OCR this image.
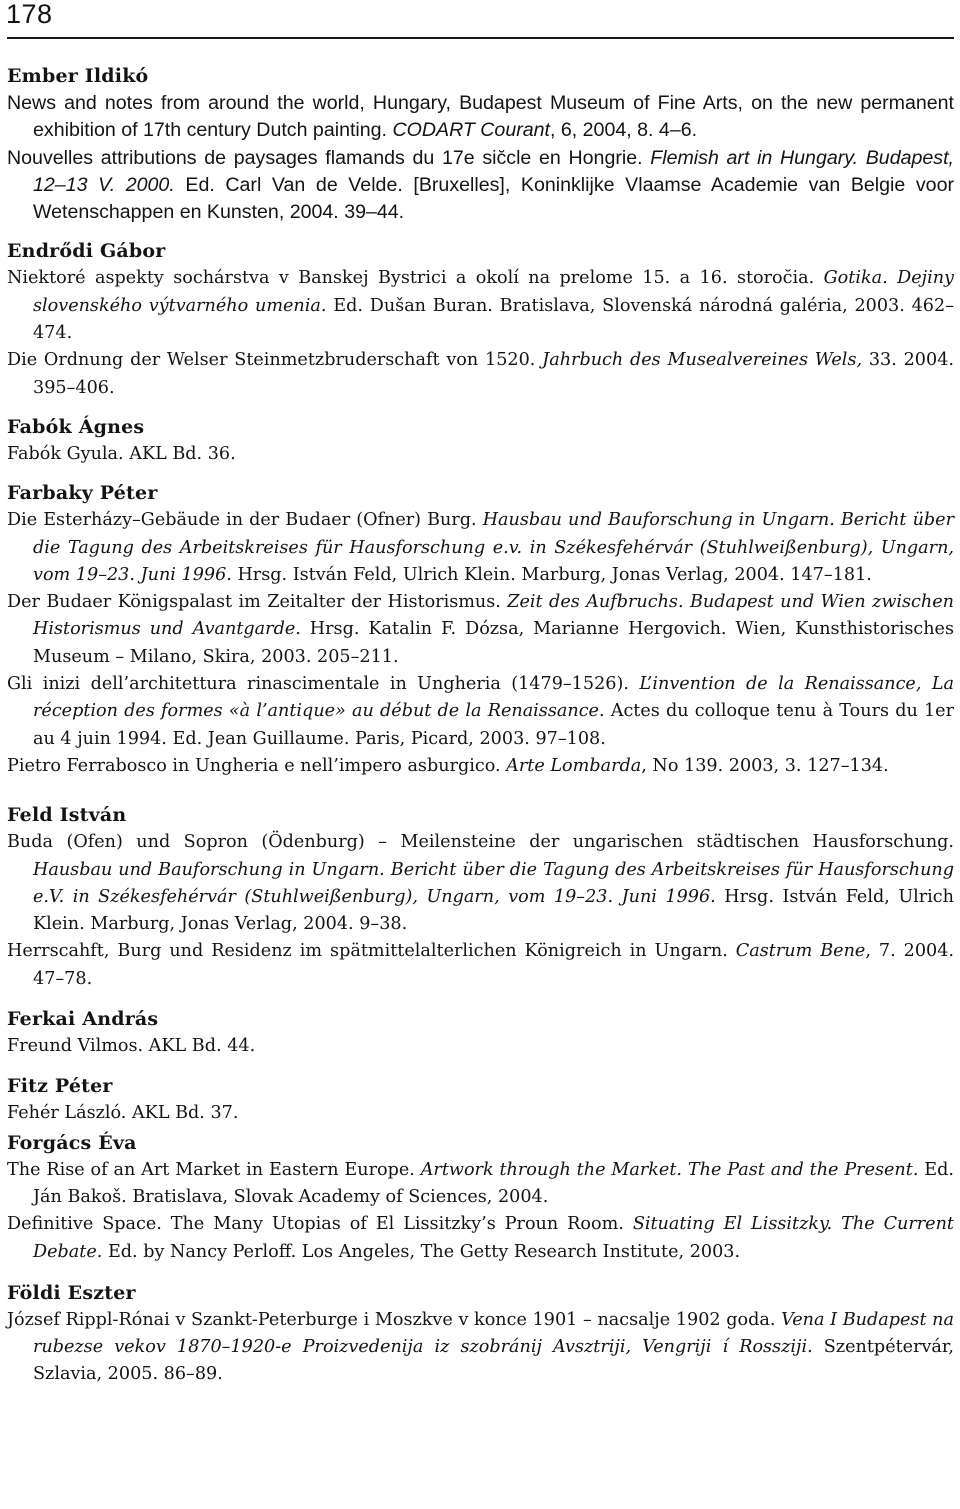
178
Ember Ildikó
News and notes from around the world, Hungary, Budapest Museum of Fine Arts, on the new permanent exhibition of 17th century Dutch painting. CODART Courant, 6, 2004, 8. 4–6.
Nouvelles attributions de paysages flamands du 17e sic̆cle en Hongrie. Flemish art in Hungary. Budapest, 12–13 V. 2000. Ed. Carl Van de Velde. [Bruxelles], Koninklijke Vlaamse Academie van Belgie voor Wetenschappen en Kunsten, 2004. 39–44.
Endrődi Gábor
Niektoré aspekty sochárstva v Banskej Bystrici a okolí na prelome 15. a 16. storoc̆ia. Gotika. Dejiny slovenského výtvarného umenia. Ed. Dušan Buran. Bratislava, Slovenská národná galéria, 2003. 462–474.
Die Ordnung der Welser Steinmetzbruderschaft von 1520. Jahrbuch des Musealvereines Wels, 33. 2004. 395–406.
Fabók Ágnes
Fabók Gyula. AKL Bd. 36.
Farbaky Péter
Die Esterházy–Gebäude in der Budaer (Ofner) Burg. Hausbau und Bauforschung in Ungarn. Bericht über die Tagung des Arbeitskreises für Hausforschung e.v. in Székesfehérvár (Stuhlweißenburg), Ungarn, vom 19–23. Juni 1996. Hrsg. István Feld, Ulrich Klein. Marburg, Jonas Verlag, 2004. 147–181.
Der Budaer Königspalast im Zeitalter der Historismus. Zeit des Aufbruchs. Budapest und Wien zwischen Historismus und Avantgarde. Hrsg. Katalin F. Dózsa, Marianne Hergovich. Wien, Kunsthistorisches Museum – Milano, Skira, 2003. 205–211.
Gli inizi dell’architettura rinascimentale in Ungheria (1479–1526). L’invention de la Renaissance, La réception des formes «à l’antique» au début de la Renaissance. Actes du colloque tenu à Tours du 1er au 4 juin 1994. Ed. Jean Guillaume. Paris, Picard, 2003. 97–108.
Pietro Ferrabosco in Ungheria e nell’impero asburgico. Arte Lombarda, No 139. 2003, 3. 127–134.
Feld István
Buda (Ofen) und Sopron (Ödenburg) – Meilensteine der ungarischen städtischen Hausforschung. Hausbau und Bauforschung in Ungarn. Bericht über die Tagung des Arbeitskreises für Hausforschung e.V. in Székesfehérvár (Stuhlweißenburg), Ungarn, vom 19–23. Juni 1996. Hrsg. István Feld, Ulrich Klein. Marburg, Jonas Verlag, 2004. 9–38.
Herrscahft, Burg und Residenz im spätmittelalterlichen Königreich in Ungarn. Castrum Bene, 7. 2004. 47–78.
Ferkai András
Freund Vilmos. AKL Bd. 44.
Fitz Péter
Fehér László. AKL Bd. 37.
Forgács Éva
The Rise of an Art Market in Eastern Europe. Artwork through the Market. The Past and the Present. Ed. Ján Bakoš. Bratislava, Slovak Academy of Sciences, 2004.
Definitive Space. The Many Utopias of El Lissitzky’s Proun Room. Situating El Lissitzky. The Current Debate. Ed. by Nancy Perloff. Los Angeles, The Getty Research Institute, 2003.
Földi Eszter
József Rippl-Rónai v Szankt-Peterburge i Moszkve v konce 1901 – nacsalje 1902 goda. Vena I Budapest na rubezse vekov 1870–1920-e Proizvedenija iz szobránij Avsztriji, Vengriji í Rossziji. Szentpétervár, Szlavia, 2005. 86–89.
